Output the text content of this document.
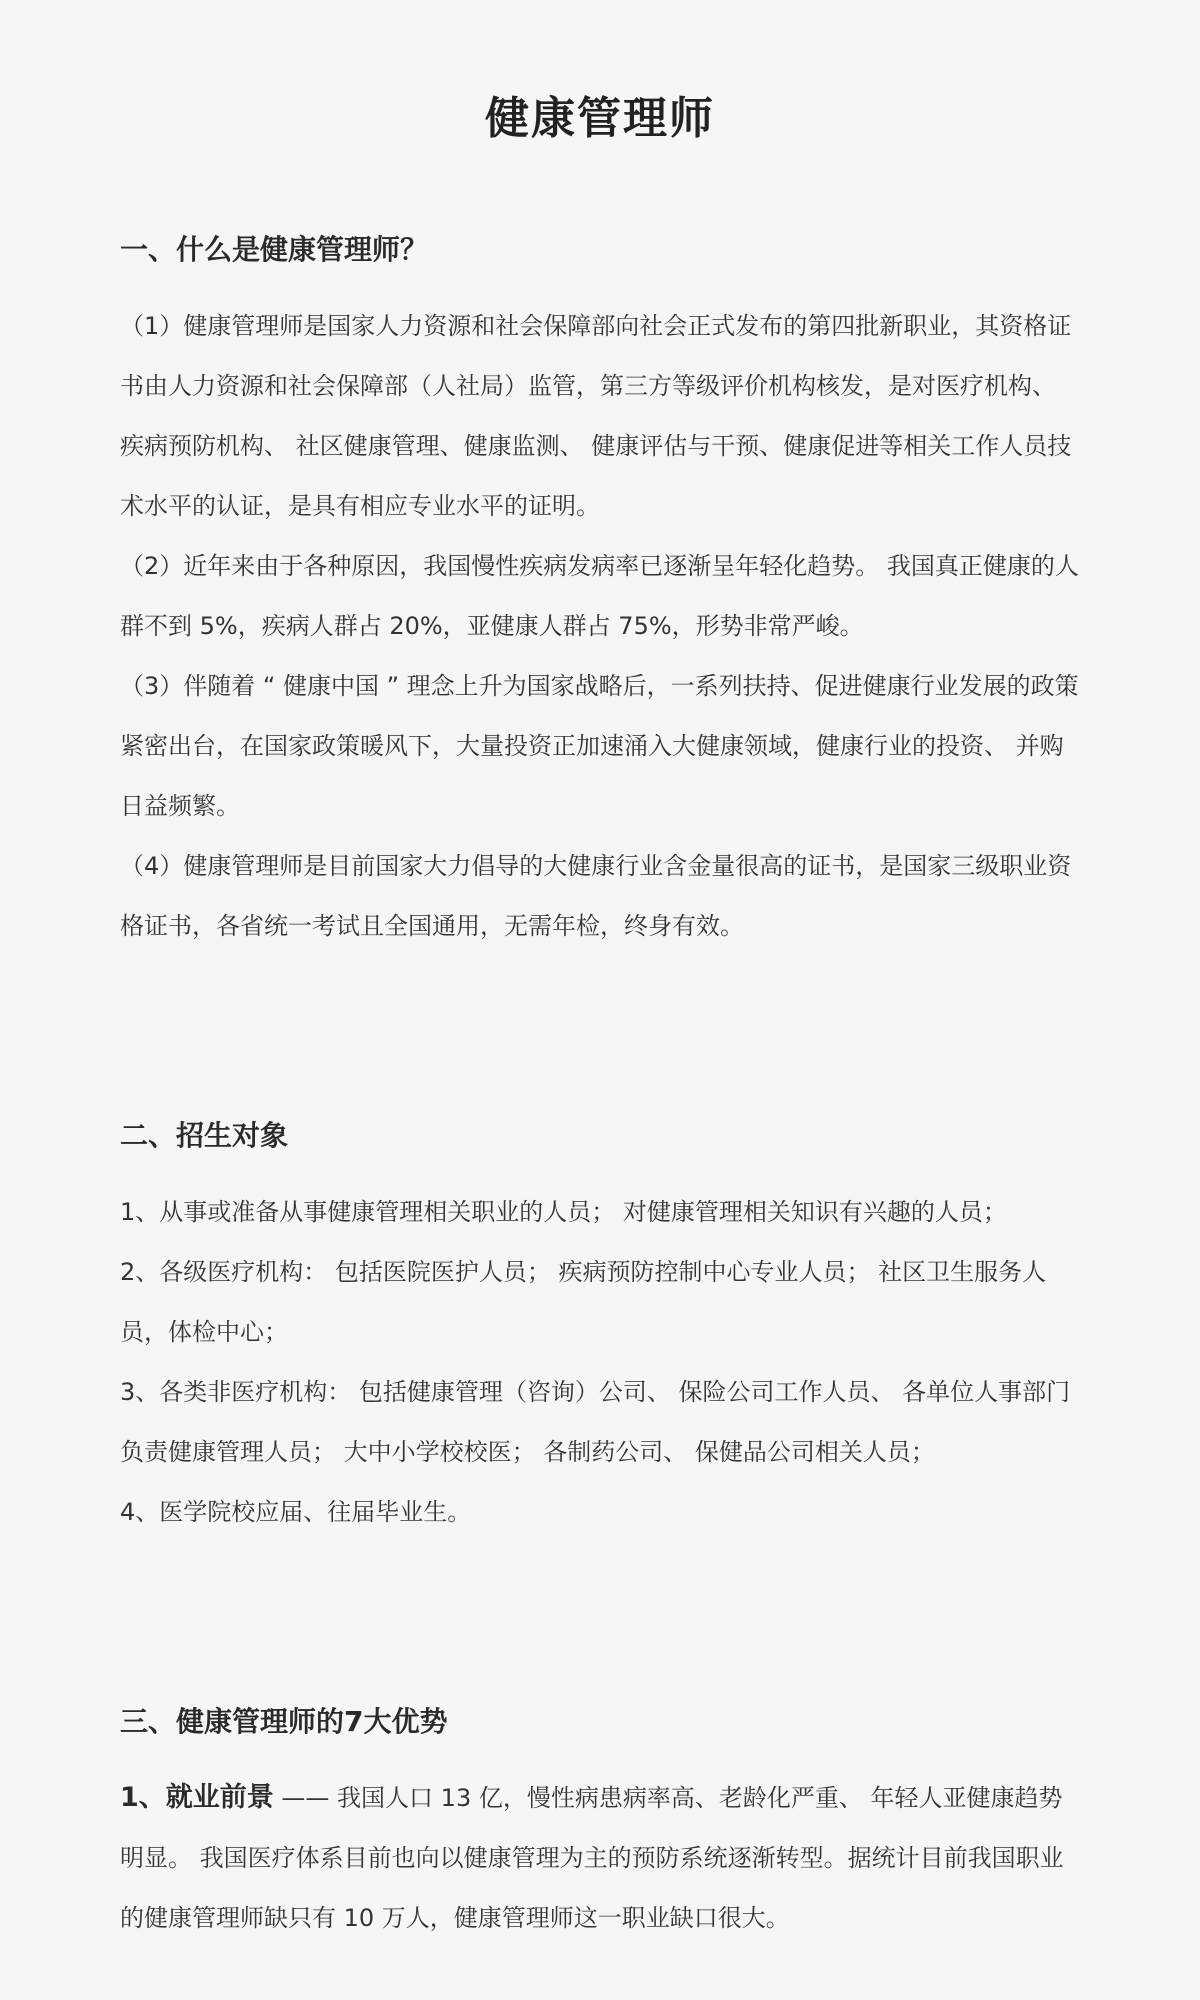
健康管理师
一、什么是健康管理师？

（1）健康管理师是国家人力资源和社会保障部向社会正式发布的第四批新职业，其资格证书由人力资源和社会保障部（人社局）监管，第三方等级评价机构核发，是对医疗机构、 疾病预防机构、 社区健康管理、健康监测、 健康评估与干预、健康促进等相关工作人员技术水平的认证，是具有相应专业水平的证明。

（2）近年来由于各种原因，我国慢性疾病发病率已逐渐呈年轻化趋势。 我国真正健康的人群不到 5%，疾病人群占 20%，亚健康人群占 75%，形势非常严峻。

（3）伴随着 “ 健康中国 ” 理念上升为国家战略后，一系列扶持、促进健康行业发展的政策紧密出台，在国家政策暖风下，大量投资正加速涌入大健康领域，健康行业的投资、 并购日益频繁。

（4）健康管理师是目前国家大力倡导的大健康行业含金量很高的证书，是国家三级职业资格证书，各省统一考试且全国通用，无需年检，终身有效。

二、招生对象

1、从事或准备从事健康管理相关职业的人员； 对健康管理相关知识有兴趣的人员；

2、各级医疗机构： 包括医院医护人员； 疾病预防控制中心专业人员； 社区卫生服务人员，体检中心；

3、各类非医疗机构： 包括健康管理（咨询）公司、 保险公司工作人员、 各单位人事部门负责健康管理人员； 大中小学校校医； 各制药公司、 保健品公司相关人员；

4、医学院校应届、往届毕业生。

三、健康管理师的7大优势

1、就业前景 —— 我国人口 13 亿，慢性病患病率高、老龄化严重、 年轻人亚健康趋势明显。 我国医疗体系目前也向以健康管理为主的预防系统逐渐转型。据统计目前我国职业的健康管理师缺只有 10 万人，健康管理师这一职业缺口很大。
